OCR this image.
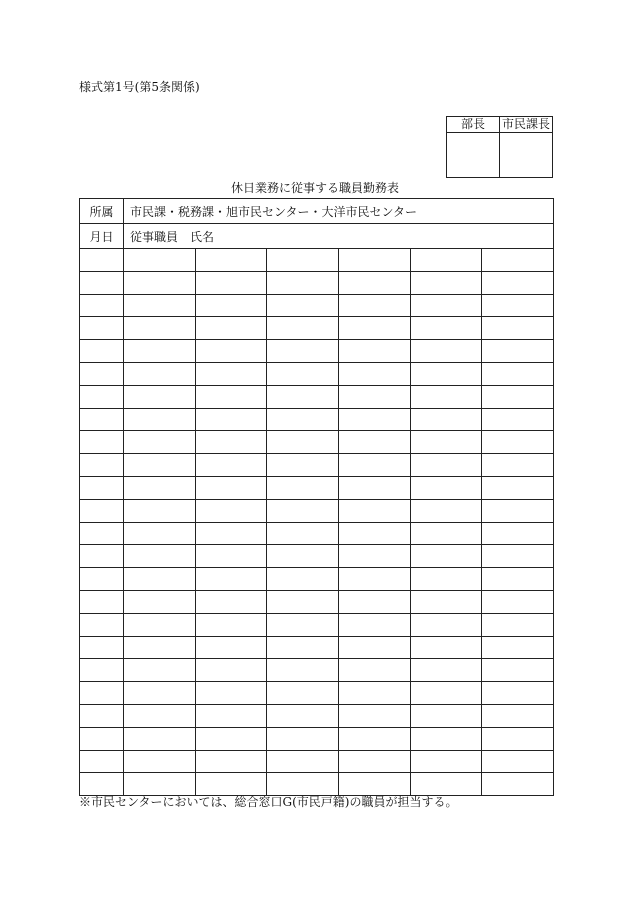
様式第1号(第5条関係)
部長	市民課長

休日業務に従事する職員勤務表
所属	市民課・税務課・旭市民センター・大洋市民センター					
月日	従事職員　氏名					

※市民センターにおいては、総合窓口G(市民戸籍)の職員が担当する。
